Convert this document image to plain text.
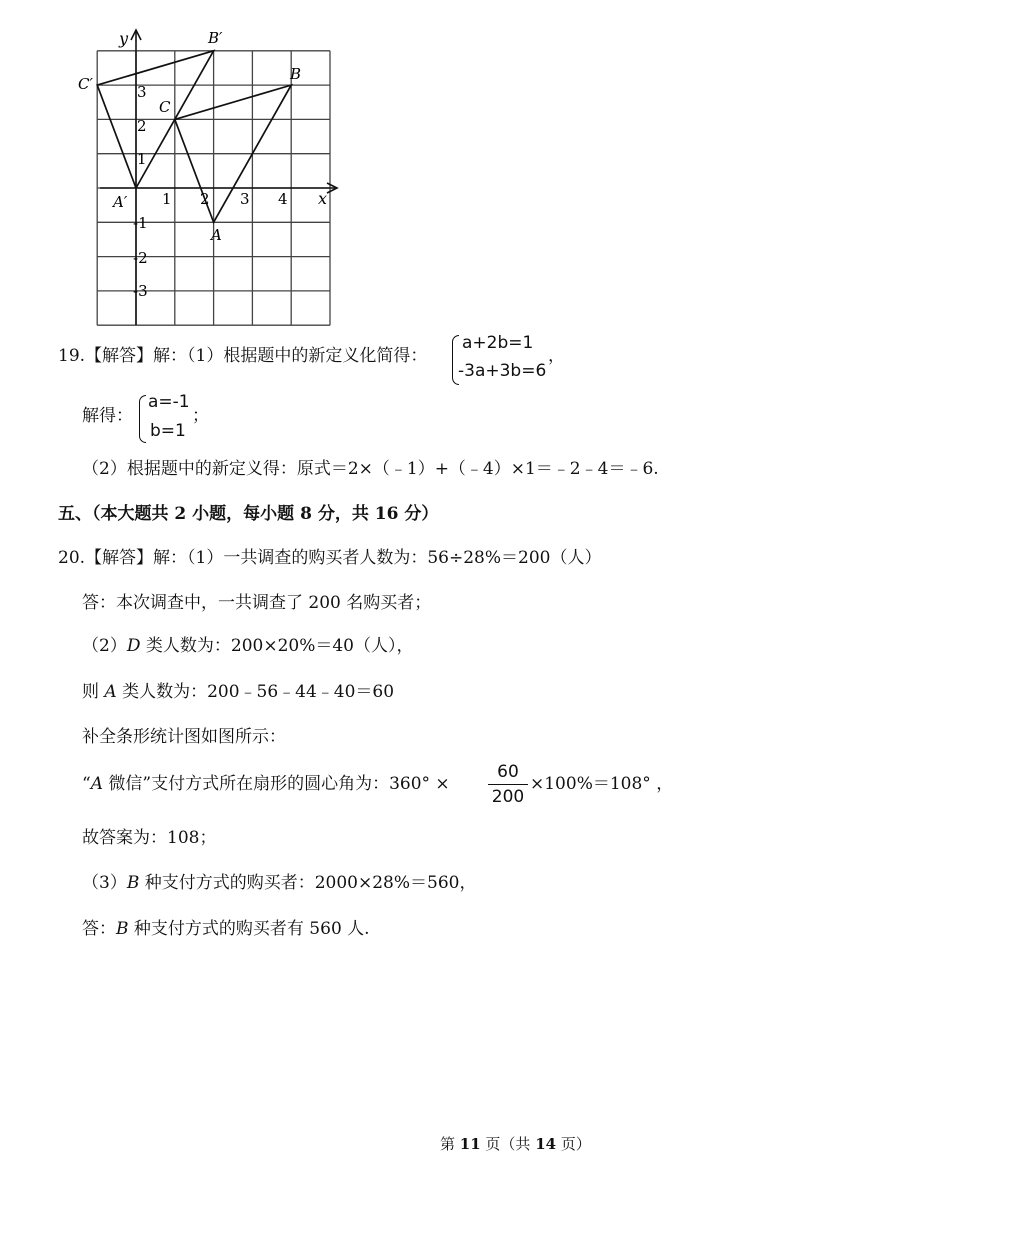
y
x
1 2 3 4
1
2
3
-1
-2
-3
A
B
C
A′
B′
C′
19.【解答】解：（1）根据题中的新定义化简得：
a+2b=1
-3a+3b=6
，
解得：
a=-1
b=1
；
（2）根据题中的新定义得：原式＝2×（﹣1）+（﹣4）×1＝﹣2﹣4＝﹣6.
五、（本大题共 2 小题，每小题 8 分，共 16 分）
20.【解答】解：（1）一共调查的购买者人数为：56÷28%＝200（人）
答：本次调查中，一共调查了 200 名购买者；
（2）D 类人数为：200×20%＝40（人），
则 A 类人数为：200﹣56﹣44﹣40＝60
补全条形统计图如图所示：
“A 微信”支付方式所在扇形的圆心角为：360° ×
60
200
×100%＝108° ，
故答案为：108；
（3）B 种支付方式的购买者：2000×28%＝560，
答：B 种支付方式的购买者有 560 人.
第 11 页（共 14 页）
